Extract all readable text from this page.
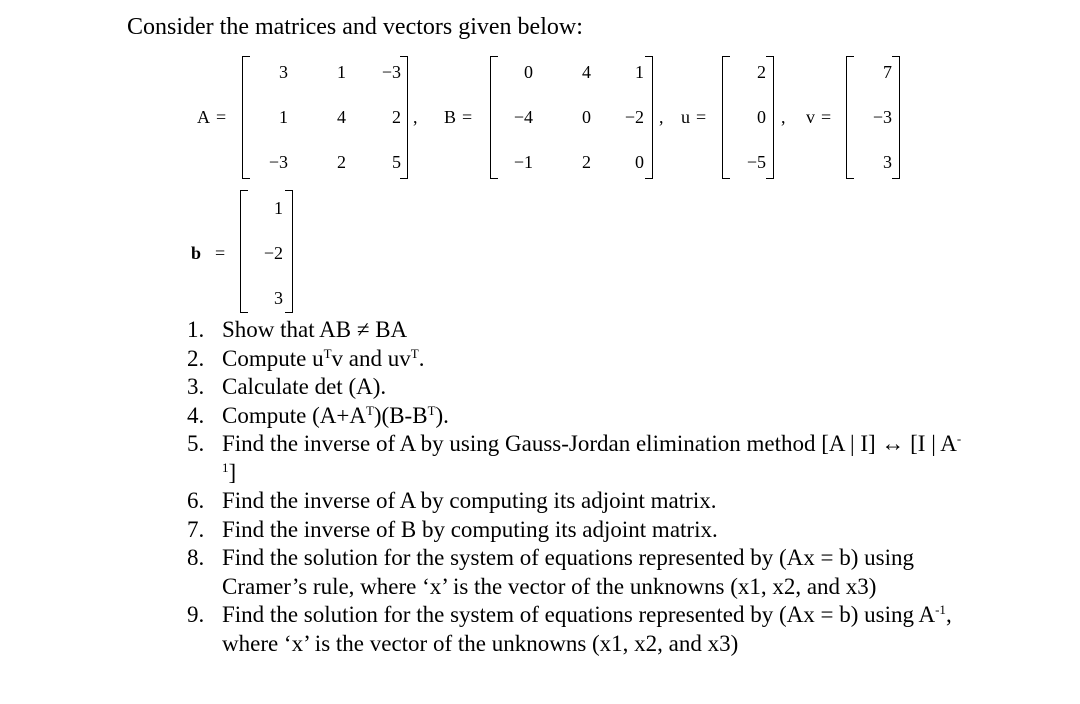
Consider the matrices and vectors given below:
A =
3	1 −3
1	4	2
−3	2	5
, B =
0	4 1
−4	0 −2
−1	2 0
, u =
2
0
−5
, v =
7
−3
3
b =
1
−2
3
1. Show that AB ≠ BA
2. Compute $u^Tv$ and $uv^T$.
3. Calculate det (A).
4. Compute $(A+A^T)(B-B^T)$.
5. Find the inverse of A by using Gauss-Jordan elimination method [A | I] ↔ [I | $A^{-1}$]
6. Find the inverse of A by computing its adjoint matrix.
7. Find the inverse of B by computing its adjoint matrix.
8. Find the solution for the system of equations represented by (Ax = b) using Cramer’s rule, where ‘x’ is the vector of the unknowns (x1, x2, and x3)
9. Find the solution for the system of equations represented by (Ax = b) using $A^{-1}$, where ‘x’ is the vector of the unknowns (x1, x2, and x3)
